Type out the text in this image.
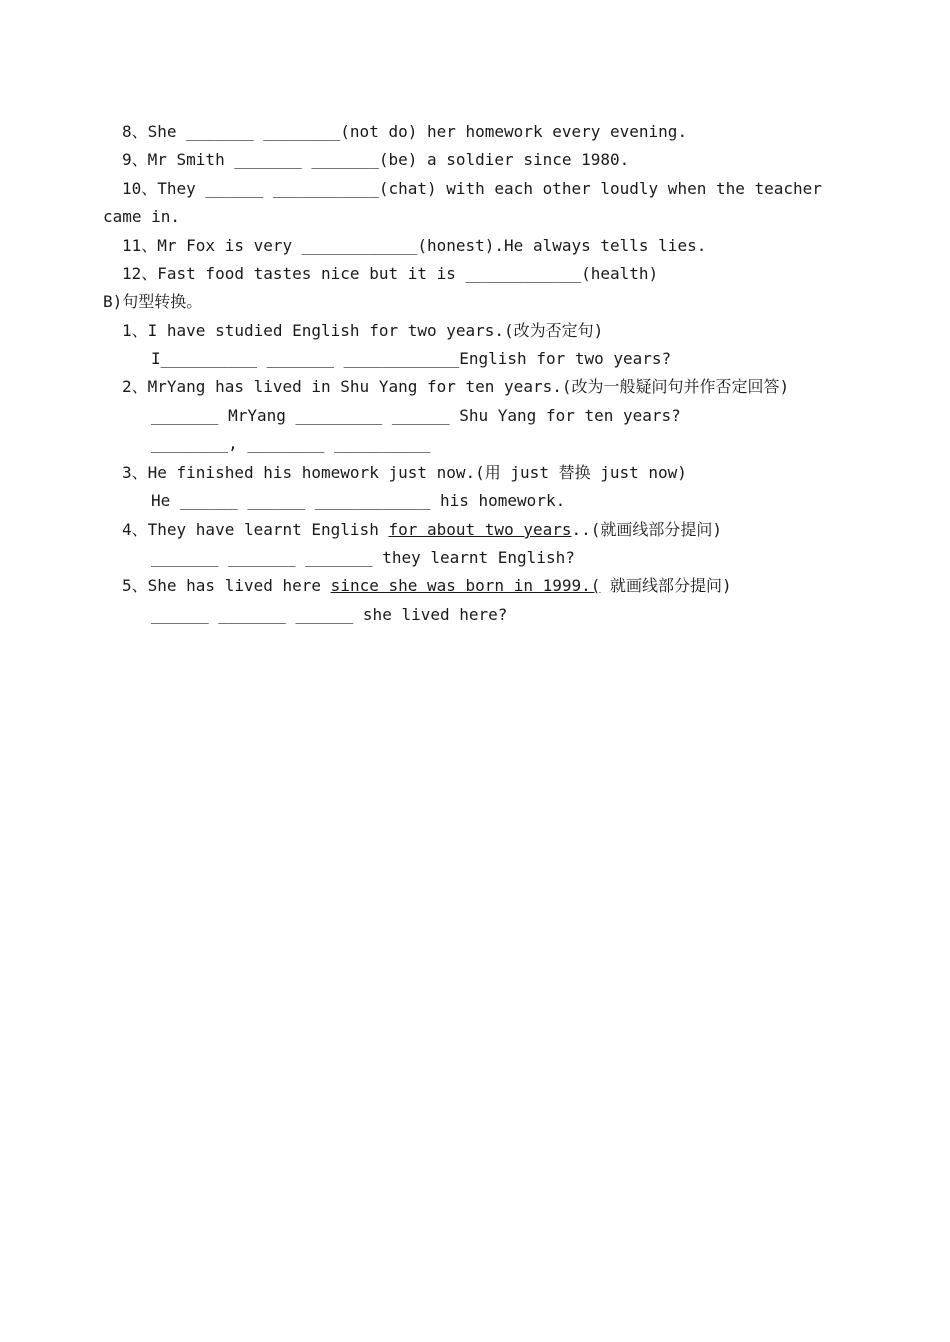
8、She _______ ________(not do) her homework every evening.
9、Mr Smith _______ _______(be) a soldier since 1980.
10、They ______ ___________(chat) with each other loudly when the teacher
came in.
11、Mr Fox is very ____________(honest).He always tells lies.
12、Fast food tastes nice but it is ____________(health)
B)句型转换。
1、I have studied English for two years.(改为否定句)
I__________ _______ ____________English for two years?
2、MrYang has lived in Shu Yang for ten years.(改为一般疑问句并作否定回答)
_______ MrYang _________ ______ Shu Yang for ten years?
________, ________ __________
3、He finished his homework just now.(用 just 替换 just now)
He ______ ______ ____________ his homework.
4、They have learnt English for about two years..(就画线部分提问)
_______ _______ _______ they learnt English?
5、She has lived here since she was born in 1999.( 就画线部分提问)
______ _______ ______ she lived here?
